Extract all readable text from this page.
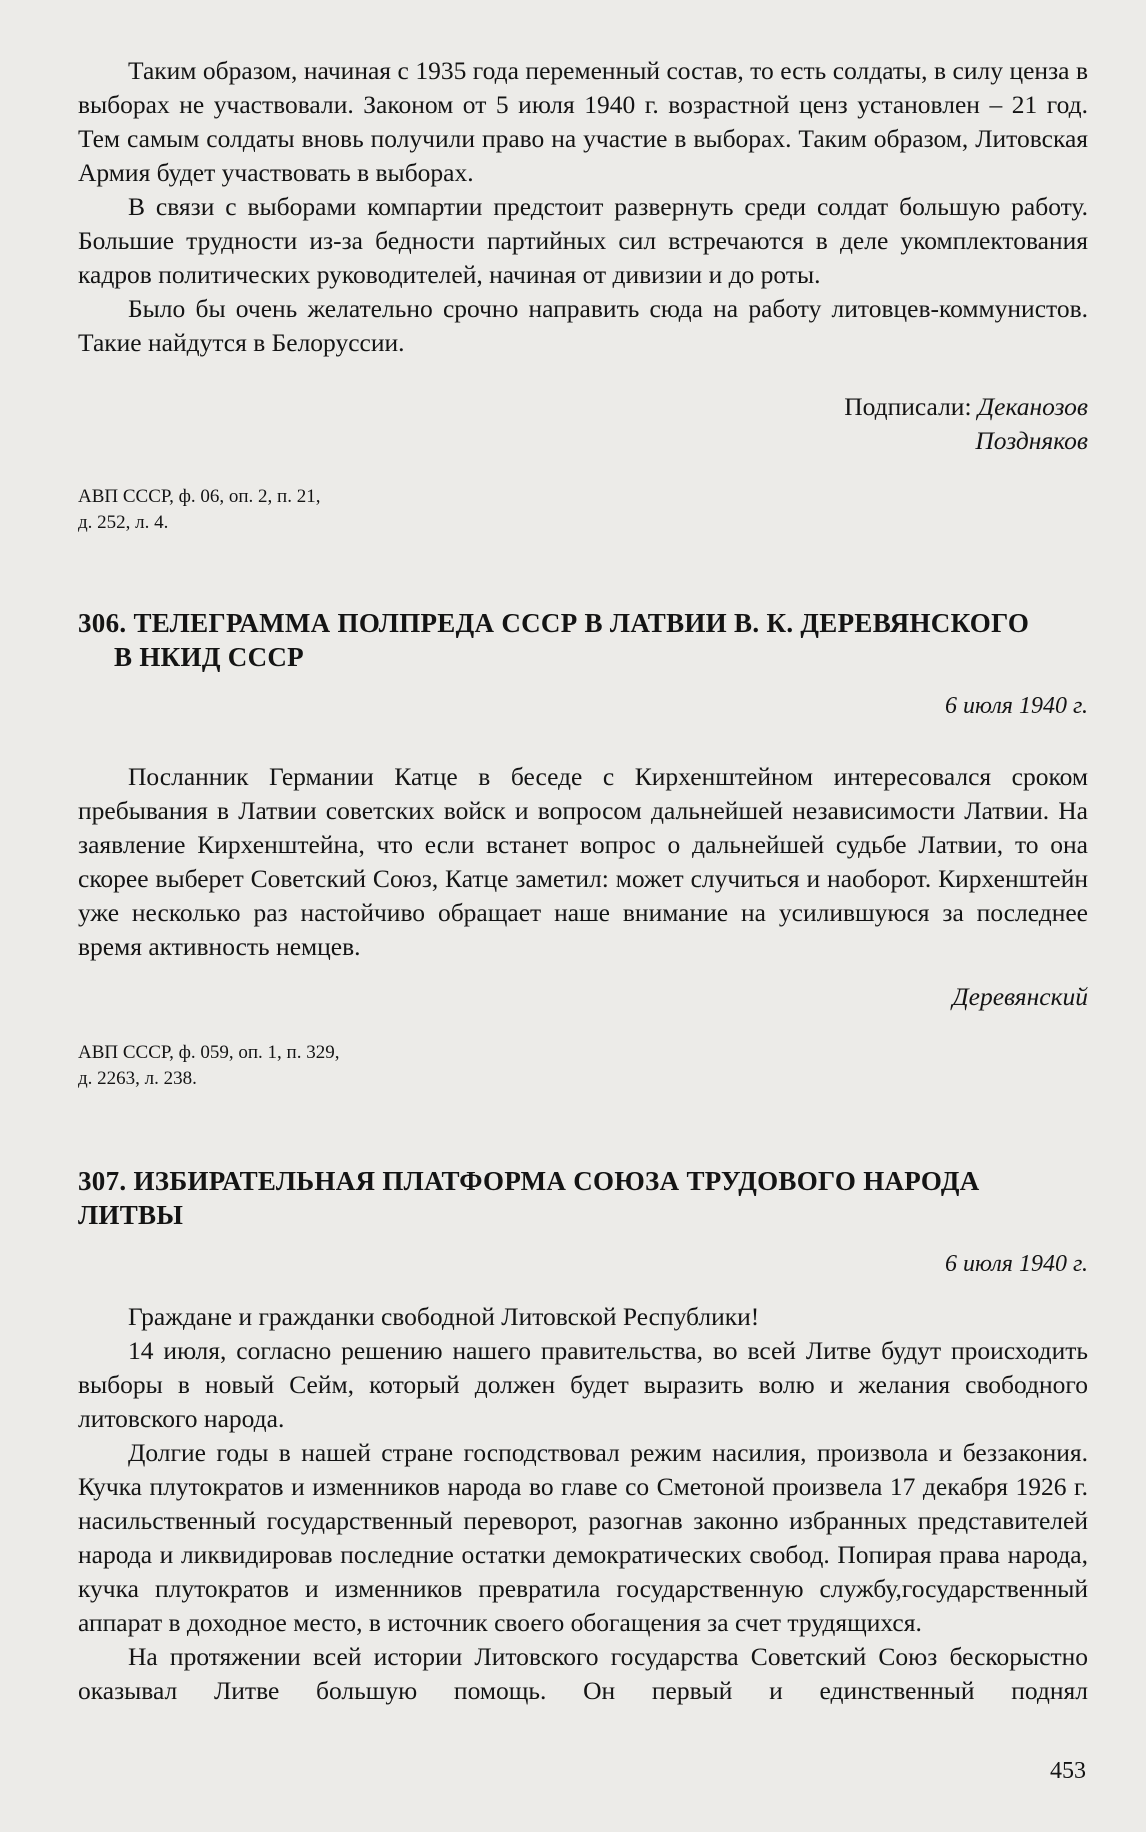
Таким образом, начиная с 1935 года переменный состав, то есть солдаты, в силу ценза в выборах не участвовали. Законом от 5 июля 1940 г. возрастной ценз установлен – 21 год. Тем самым солдаты вновь получили право на участие в выборах. Таким образом, Литовская Армия будет участвовать в выборах.

В связи с выборами компартии предстоит развернуть среди солдат большую работу. Большие трудности из-за бедности партийных сил встречаются в деле укомплектования кадров политических руководителей, начиная от дивизии и до роты.

Было бы очень желательно срочно направить сюда на работу литовцев-коммунистов. Такие найдутся в Белоруссии.

Подписали: Деканозов
Поздняков

АВП СССР, ф. 06, оп. 2, п. 21,

д. 252, л. 4.

306. ТЕЛЕГРАММА ПОЛПРЕДА СССР В ЛАТВИИ В. К. ДЕРЕВЯНСКОГО
В НКИД СССР
6 июля 1940 г.

Посланник Германии Катце в беседе с Кирхенштейном интересовался сроком пребывания в Латвии советских войск и вопросом дальнейшей независимости Латвии. На заявление Кирхенштейна, что если встанет вопрос о дальнейшей судьбе Латвии, то она скорее выберет Советский Союз, Катце заметил: может случиться и наоборот. Кирхенштейн уже несколько раз настойчиво обращает наше внимание на усилившуюся за последнее время активность немцев.

Деревянский

АВП СССР, ф. 059, оп. 1, п. 329,

д. 2263, л. 238.

307. ИЗБИРАТЕЛЬНАЯ ПЛАТФОРМА СОЮЗА ТРУДОВОГО НАРОДА ЛИТВЫ
6 июля 1940 г.

Граждане и гражданки свободной Литовской Республики!

14 июля, согласно решению нашего правительства, во всей Литве будут происходить выборы в новый Сейм, который должен будет выразить волю и желания свободного литовского народа.

Долгие годы в нашей стране господствовал режим насилия, произвола и беззакония. Кучка плутократов и изменников народа во главе со Сметоной произвела 17 декабря 1926 г. насильственный государственный переворот, разогнав законно избранных представителей народа и ликвидировав последние остатки демократических свобод. Попирая права народа, кучка плутократов и изменников превратила государственную службу,государственный аппарат в доходное место, в источник своего обогащения за счет трудящихся.

На протяжении всей истории Литовского государства Советский Союз бескорыстно оказывал Литве большую помощь. Он первый и единственный поднял

453
